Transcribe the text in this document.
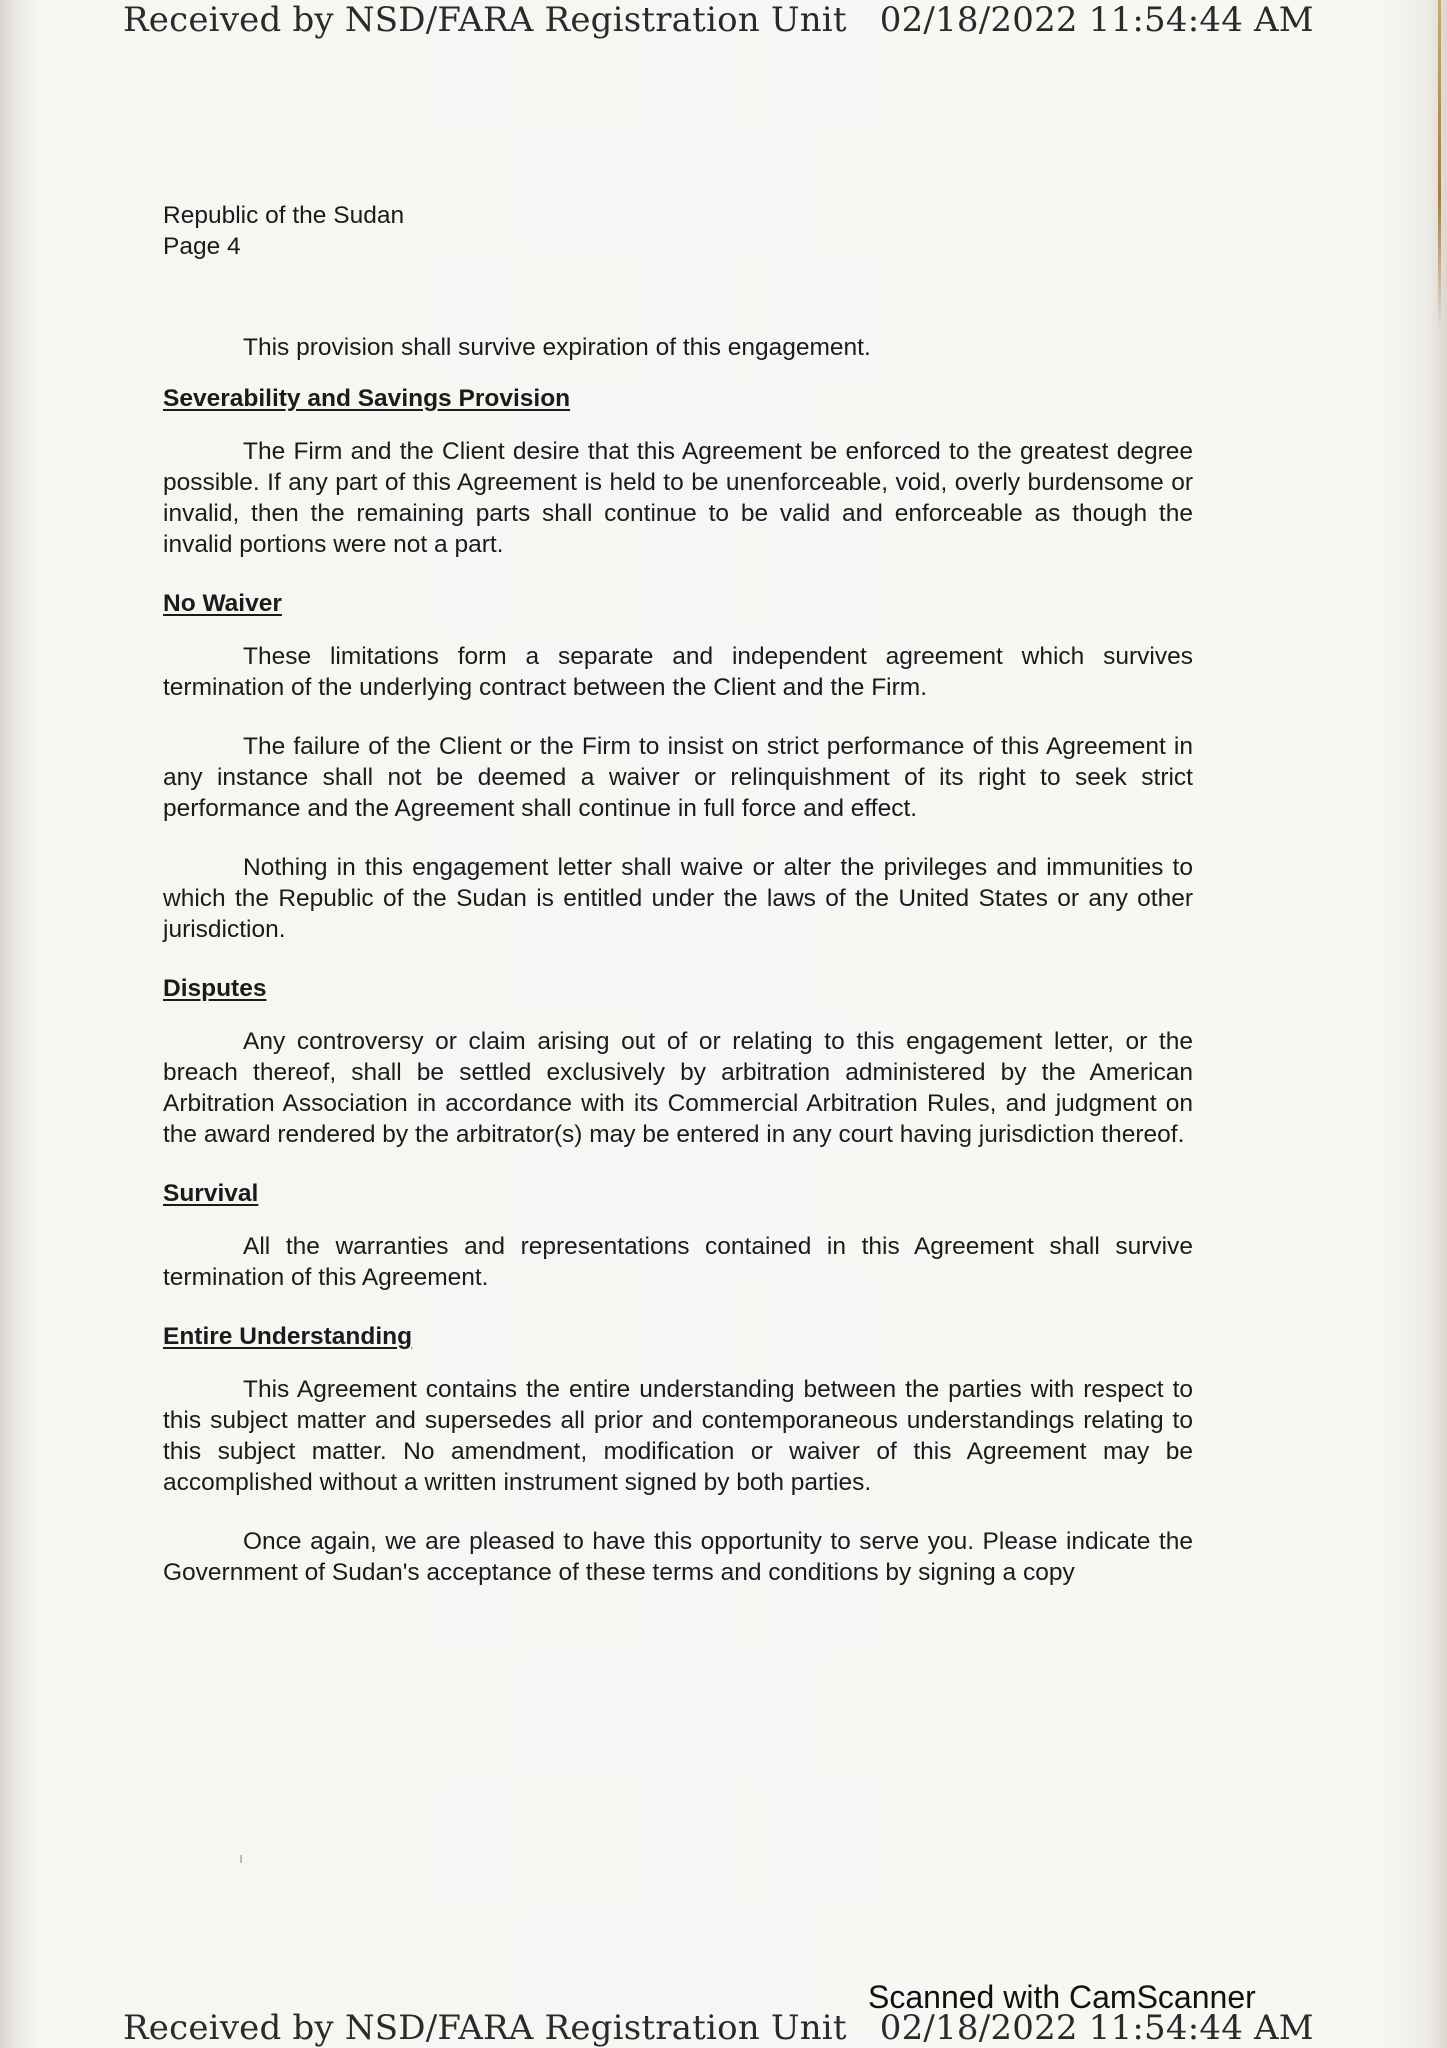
Received by NSD/FARA Registration Unit   02/18/2022 11:54:44 AM
Republic of the Sudan
Page 4

This provision shall survive expiration of this engagement.

Severability and Savings Provision

The Firm and the Client desire that this Agreement be enforced to the greatest degree possible. If any part of this Agreement is held to be unenforceable, void, overly burdensome or invalid, then the remaining parts shall continue to be valid and enforceable as though the invalid portions were not a part.

No Waiver

These limitations form a separate and independent agreement which survives termination of the underlying contract between the Client and the Firm.

The failure of the Client or the Firm to insist on strict performance of this Agreement in any instance shall not be deemed a waiver or relinquishment of its right to seek strict performance and the Agreement shall continue in full force and effect.

Nothing in this engagement letter shall waive or alter the privileges and immunities to which the Republic of the Sudan is entitled under the laws of the United States or any other jurisdiction.

Disputes

Any controversy or claim arising out of or relating to this engagement letter, or the breach thereof, shall be settled exclusively by arbitration administered by the American Arbitration Association in accordance with its Commercial Arbitration Rules, and judgment on the award rendered by the arbitrator(s) may be entered in any court having jurisdiction thereof.

Survival

All the warranties and representations contained in this Agreement shall survive termination of this Agreement.

Entire Understanding

This Agreement contains the entire understanding between the parties with respect to this subject matter and supersedes all prior and contemporaneous understandings relating to this subject matter. No amendment, modification or waiver of this Agreement may be accomplished without a written instrument signed by both parties.

Once again, we are pleased to have this opportunity to serve you. Please indicate the Government of Sudan's acceptance of these terms and conditions by signing a copy

Scanned with CamScanner
Received by NSD/FARA Registration Unit   02/18/2022 11:54:44 AM
